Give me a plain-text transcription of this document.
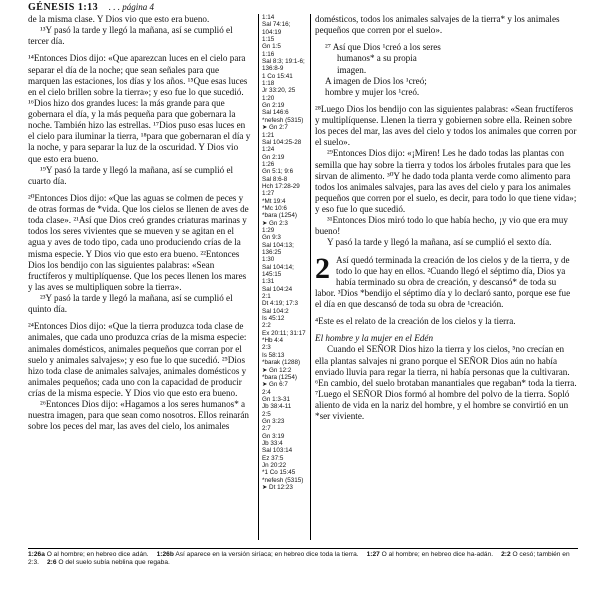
GÉNESIS 1:13 . . . página 4

de la misma clase. Y Dios vio que esto era bueno.

¹³Y pasó la tarde y llegó la mañana, así se cumplió el tercer día.

¹⁴Entonces Dios dijo: «Que aparezcan luces en el cielo para separar el día de la noche; que sean señales para que marquen las estaciones, los días y los años. ¹⁵Que esas luces en el cielo brillen sobre la tierra»; y eso fue lo que sucedió. ¹⁶Dios hizo dos grandes luces: la más grande para que gobernara el día, y la más pequeña para que gobernara la noche. También hizo las estrellas. ¹⁷Dios puso esas luces en el cielo para iluminar la tierra, ¹⁸para que gobernaran el día y la noche, y para separar la luz de la oscuridad. Y Dios vio que esto era bueno.

¹⁹Y pasó la tarde y llegó la mañana, así se cumplió el cuarto día.

²⁰Entonces Dios dijo: «Que las aguas se colmen de peces y de otras formas de *vida. Que los cielos se llenen de aves de toda clase». ²¹Así que Dios creó grandes criaturas marinas y todos los seres vivientes que se mueven y se agitan en el agua y aves de todo tipo, cada uno produciendo crías de la misma especie. Y Dios vio que esto era bueno. ²²Entonces Dios los bendijo con las siguientes palabras: «Sean fructíferos y multiplíquense. Que los peces llenen los mares y las aves se multipliquen sobre la tierra».

²³Y pasó la tarde y llegó la mañana, así se cumplió el quinto día.

²⁴Entonces Dios dijo: «Que la tierra produzca toda clase de animales, que cada uno produzca crías de la misma especie: animales domésticos, animales pequeños que corran por el suelo y animales salvajes»; y eso fue lo que sucedió. ²⁵Dios hizo toda clase de animales salvajes, animales domésticos y animales pequeños; cada uno con la capacidad de producir crías de la misma especie. Y Dios vio que esto era bueno.

²⁶Entonces Dios dijo: «Hagamos a los seres humanos* a nuestra imagen, para que sean como nosotros. Ellos reinarán sobre los peces del mar, las aves del cielo, los animales

1:14
Sal 74:16;
104:19
1:15
Gn 1:5
1:16
Sal 8:3; 19:1-6;
136:8-9
1 Co 15:41
1:18
Jr 33:20, 25
1:20
Gn 2:19
Sal 146:6
*nefesh (5315)
➤ Gn 2:7
1:21
Sal 104:25-28
1:24
Gn 2:19
1:26
Gn 5:1; 9:6
Sal 8:6-8
Hch 17:28-29
1:27
*Mt 19:4
*Mc 10:6
*bara (1254)
➤ Gn 2:3
1:29
Gn 9:3
Sal 104:13;
136:25
1:30
Sal 104:14;
145:15
1:31
Sal 104:24
2:1
Dt 4:19; 17:3
Sal 104:2
Is 45:12
2:2
Ex 20:11; 31:17
*Hb 4:4
2:3
Is 58:13
*barak (1288)
➤ Gn 12:2
*bara (1254)
➤ Gn 6:7
2:4
Gn 1:3-31
Jb 38:4-11
2:5
Gn 3:23
2:7
Gn 3:19
Jb 33:4
Sal 103:14
Ez 37:5
Jn 20:22
*1 Co 15:45
*nefesh (5315)
➤ Dt 12:23

domésticos, todos los animales salvajes de la tierra* y los animales pequeños que corren por el suelo».

²⁷ Así que Dios ¹creó a los seres

humanos* a su propia

imagen.

A imagen de Dios los ¹creó;

hombre y mujer los ¹creó.

²⁸Luego Dios los bendijo con las siguientes palabras: «Sean fructíferos y multiplíquense. Llenen la tierra y gobiernen sobre ella. Reinen sobre los peces del mar, las aves del cielo y todos los animales que corren por el suelo».

²⁹Entonces Dios dijo: «¡Miren! Les he dado todas las plantas con semilla que hay sobre la tierra y todos los árboles frutales para que les sirvan de alimento. ³⁰Y he dado toda planta verde como alimento para todos los animales salvajes, para las aves del cielo y para los animales pequeños que corren por el suelo, es decir, para todo lo que tiene vida»; y eso fue lo que sucedió.

³¹Entonces Dios miró todo lo que había hecho, ¡y vio que era muy bueno!

Y pasó la tarde y llegó la mañana, así se cumplió el sexto día.

2 Así quedó terminada la creación de los cielos y de la tierra, y de todo lo que hay en ellos. ²Cuando llegó el séptimo día, Dios ya había terminado su obra de creación, y descansó* de toda su labor. ³Dios *bendijo el séptimo día y lo declaró santo, porque ese fue el día en que descansó de toda su obra de ¹creación.

⁴Este es el relato de la creación de los cielos y la tierra.

El hombre y la mujer en el Edén

Cuando el SEÑOR Dios hizo la tierra y los cielos, ⁵no crecían en ella plantas salvajes ni grano porque el SEÑOR Dios aún no había enviado lluvia para regar la tierra, ni había personas que la cultivaran. ⁶En cambio, del suelo brotaban manantiales que regaban* toda la tierra. ⁷Luego el SEÑOR Dios formó al hombre del polvo de la tierra. Sopló aliento de vida en la nariz del hombre, y el hombre se convirtió en un *ser viviente.

1:26a O al hombre; en hebreo dice adán. 1:26b Así aparece en la versión siríaca; en hebreo dice toda la tierra. 1:27 O al hombre; en hebreo dice ha-adán. 2:2 O cesó; también en 2:3. 2:6 O del suelo subía neblina que regaba.
